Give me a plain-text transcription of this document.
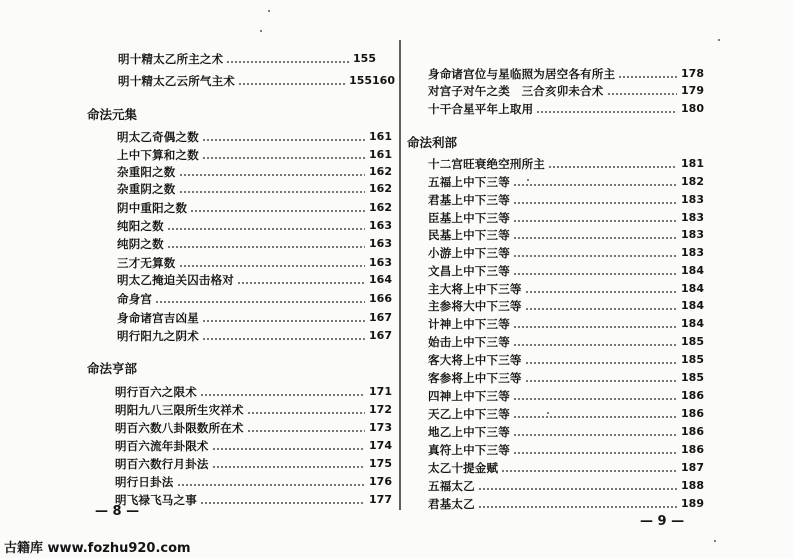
明十精太乙所主之术	155
明十精太乙云所气主术	155160
命法元集
明太乙奇偶之数	161
上中下算和之数	161
杂重阳之数	162
杂重阴之数	162
阴中重阳之数	162
纯阳之数	163
纯阴之数	163
三才无算数	163
明太乙掩迫关囚击格对	164
命身宫	166
身命诸宫吉凶星	167
明行阳九之阴术	167
命法亨部
明行百六之限术	171
明阳九八三限所生灾祥术	172
明百六数八卦限数所在术	173
明百六流年卦限术	174
明百六数行月卦法	175
明行日卦法	176
明飞禄飞马之事	177
— 8 —
身命诸宫位与星临照为居空各有所主	178
对宫子对午之类　三合亥卯未合术	179
十干合星平年上取用	180
命法利部
十二宫旺衰绝空刑所主	181
五福上中下三等	182
君基上中下三等	183
臣基上中下三等	183
民基上中下三等	183
小游上中下三等	183
文昌上中下三等	184
主大将上中下三等	184
主参将大中下三等	184
计神上中下三等	184
始击上中下三等	185
客大将上中下三等	185
客参将上中下三等	185
四神上中下三等	186
天乙上中下三等	186
地乙上中下三等	186
真符上中下三等	186
太乙十提金赋	187
五福太乙	188
君基太乙	189
— 9 —
古籍库 www.fozhu920.com
